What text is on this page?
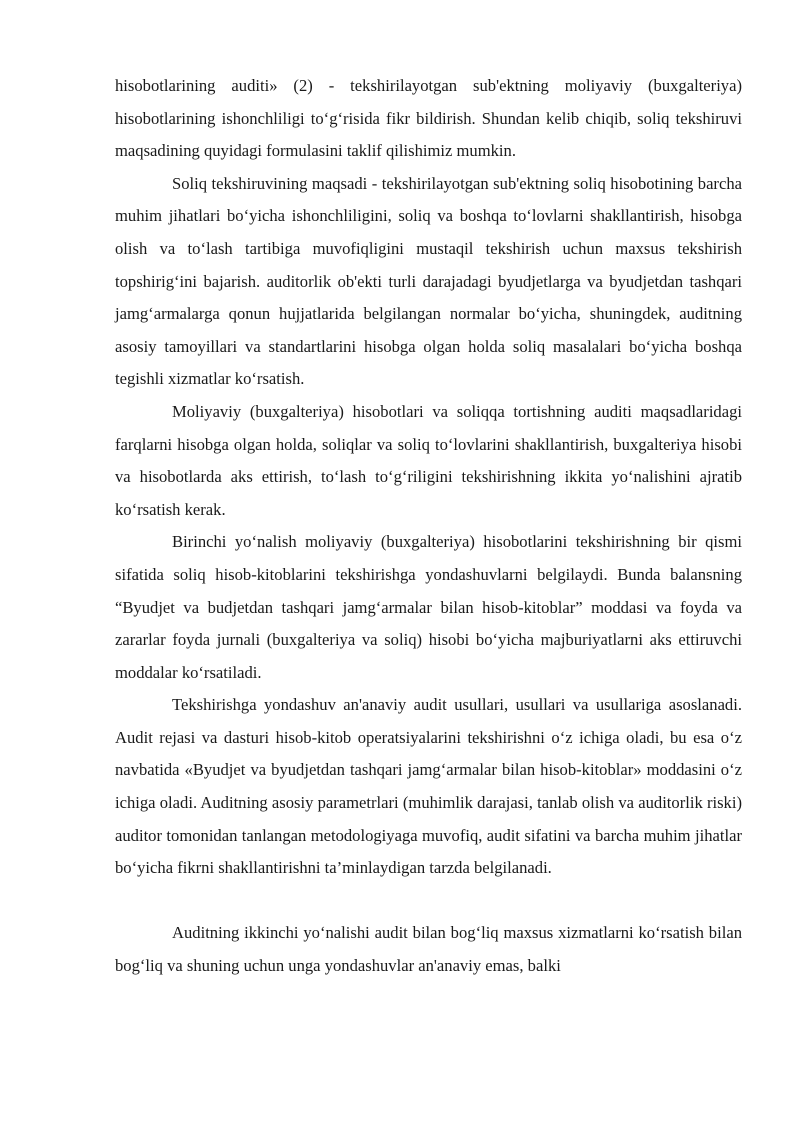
hisobotlarining auditi» (2) - tekshirilayotgan sub'ektning moliyaviy (buxgalteriya) hisobotlarining ishonchliligi to‘g‘risida fikr bildirish. Shundan kelib chiqib, soliq tekshiruvi maqsadining quyidagi formulasini taklif qilishimiz mumkin.

Soliq tekshiruvining maqsadi - tekshirilayotgan sub'ektning soliq hisobotining barcha muhim jihatlari bo‘yicha ishonchliligini, soliq va boshqa to‘lovlarni shakllantirish, hisobga olish va to‘lash tartibiga muvofiqligini mustaqil tekshirish uchun maxsus tekshirish topshirig‘ini bajarish. auditorlik ob'ekti turli darajadagi byudjetlarga va byudjetdan tashqari jamg‘armalarga qonun hujjatlarida belgilangan normalar bo‘yicha, shuningdek, auditning asosiy tamoyillari va standartlarini hisobga olgan holda soliq masalalari bo‘yicha boshqa tegishli xizmatlar ko‘rsatish.

Moliyaviy (buxgalteriya) hisobotlari va soliqqa tortishning auditi maqsadlaridagi farqlarni hisobga olgan holda, soliqlar va soliq to‘lovlarini shakllantirish, buxgalteriya hisobi va hisobotlarda aks ettirish, to‘lash to‘g‘riligini tekshirishning ikkita yo‘nalishini ajratib ko‘rsatish kerak.

Birinchi yo‘nalish moliyaviy (buxgalteriya) hisobotlarini tekshirishning bir qismi sifatida soliq hisob-kitoblarini tekshirishga yondashuvlarni belgilaydi. Bunda balansning “Byudjet va budjetdan tashqari jamg‘armalar bilan hisob-kitoblar” moddasi va foyda va zararlar foyda jurnali (buxgalteriya va soliq) hisobi bo‘yicha majburiyatlarni aks ettiruvchi moddalar ko‘rsatiladi.

Tekshirishga yondashuv an'anaviy audit usullari, usullari va usullariga asoslanadi. Audit rejasi va dasturi hisob-kitob operatsiyalarini tekshirishni o‘z ichiga oladi, bu esa o‘z navbatida «Byudjet va byudjetdan tashqari jamg‘armalar bilan hisob-kitoblar» moddasini o‘z ichiga oladi. Auditning asosiy parametrlari (muhimlik darajasi, tanlab olish va auditorlik riski) auditor tomonidan tanlangan metodologiyaga muvofiq, audit sifatini va barcha muhim jihatlar bo‘yicha fikrni shakllantirishni ta’minlaydigan tarzda belgilanadi.

Auditning ikkinchi yo‘nalishi audit bilan bog‘liq maxsus xizmatlarni ko‘rsatish bilan bog‘liq va shuning uchun unga yondashuvlar an'anaviy emas, balki
